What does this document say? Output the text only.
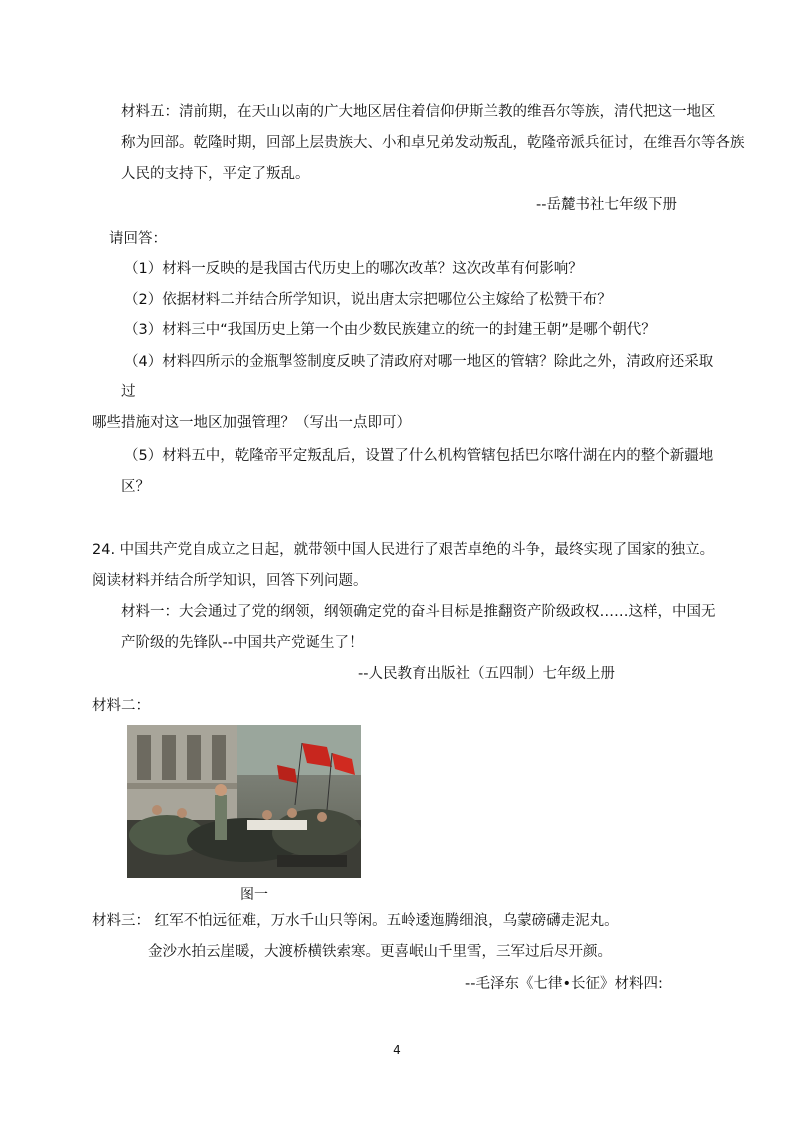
材料五：清前期，在天山以南的广大地区居住着信仰伊斯兰教的维吾尔等族，清代把这一地区
称为回部。乾隆时期，回部上层贵族大、小和卓兄弟发动叛乱，乾隆帝派兵征讨，在维吾尔等各族
人民的支持下，平定了叛乱。
--岳麓书社七年级下册
请回答：
（1）材料一反映的是我国古代历史上的哪次改革？这次改革有何影响？
（2）依据材料二并结合所学知识，说出唐太宗把哪位公主嫁给了松赞干布？
（3）材料三中“我国历史上第一个由少数民族建立的统一的封建王朝”是哪个朝代？
（4）材料四所示的金瓶掣签制度反映了清政府对哪一地区的管辖？除此之外，清政府还采取
过
哪些措施对这一地区加强管理？（写出一点即可）
（5）材料五中，乾隆帝平定叛乱后，设置了什么机构管辖包括巴尔喀什湖在内的整个新疆地
区？
24. 中国共产党自成立之日起，就带领中国人民进行了艰苦卓绝的斗争，最终实现了国家的独立。
阅读材料并结合所学知识，回答下列问题。
材料一：大会通过了党的纲领，纲领确定党的奋斗目标是推翻资产阶级政权……这样，中国无
产阶级的先锋队--中国共产党诞生了！
--人民教育出版社（五四制）七年级上册
材料二：
图一
材料三： 红军不怕远征难，万水千山只等闲。五岭逶迤腾细浪，乌蒙磅礴走泥丸。
金沙水拍云崖暖，大渡桥横铁索寒。更喜岷山千里雪，三军过后尽开颜。
--毛泽东《七律•长征》材料四:
4
